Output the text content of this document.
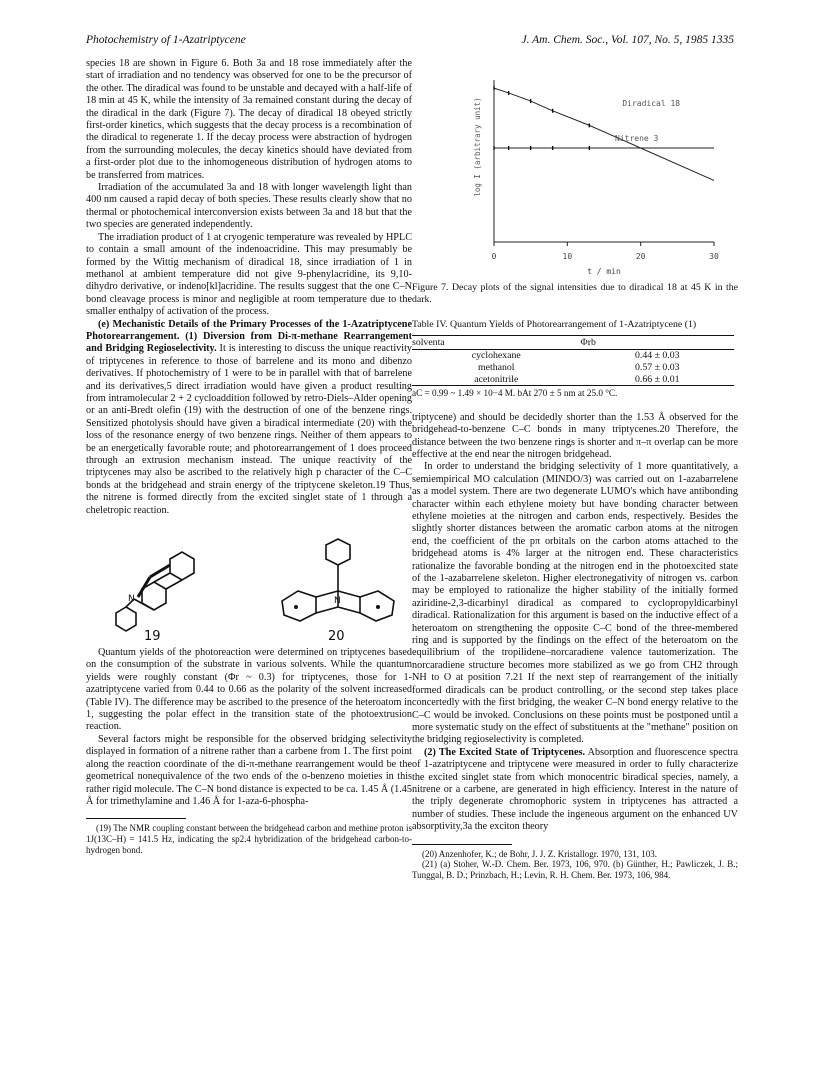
Photochemistry of 1-Azatriptycene	J. Am. Chem. Soc., Vol. 107, No. 5, 1985 1335

species 18 are shown in Figure 6. Both 3a and 18 rose immediately after the start of irradiation and no tendency was observed for one to be the precursor of the other. The diradical was found to be unstable and decayed with a half-life of 18 min at 45 K, while the intensity of 3a remained constant during the decay of the diradical in the dark (Figure 7). The decay of diradical 18 obeyed strictly first-order kinetics, which suggests that the decay process is a recombination of the diradical to regenerate 1. If the decay process were abstraction of hydrogen from the surrounding molecules, the decay kinetics should have deviated from a first-order plot due to the inhomogeneous distribution of hydrogen atoms to be transferred from matrices.

Irradiation of the accumulated 3a and 18 with longer wavelength light than 400 nm caused a rapid decay of both species. These results clearly show that no thermal or photochemical interconversion exists between 3a and 18 but that the two species are generated independently.

The irradiation product of 1 at cryogenic temperature was revealed by HPLC to contain a small amount of the indenoacridine. This may presumably be formed by the Wittig mechanism of diradical 18, since irradiation of 1 in methanol at ambient temperature did not give 9-phenylacridine, its 9,10-dihydro derivative, or indeno[kl]acridine. The results suggest that the one C–N bond cleavage process is minor and negligible at room temperature due to the smaller enthalpy of activation of the process.

(e) Mechanistic Details of the Primary Processes of the 1-Azatriptycene Photorearrangement. (1) Diversion from Di-π-methane Rearrangement and Bridging Regioselectivity. It is interesting to discuss the unique reactivity of triptycenes in reference to those of barrelene and its mono and dibenzo derivatives. If photochemistry of 1 were to be in parallel with that of barrelene and its derivatives,5 direct irradiation would have given a product resulting from intramolecular 2 + 2 cycloaddition followed by retro-Diels–Alder opening or an anti-Bredt olefin (19) with the destruction of one of the benzene rings. Sensitized photolysis should have given a biradical intermediate (20) with the loss of the resonance energy of two benzene rings. Neither of them appears to be an energetically favorable route; and photorearrangement of 1 does proceed through an extrusion mechanism instead. The unique reactivity of the triptycenes may also be ascribed to the relatively high p character of the C–C bonds at the bridgehead and strain energy of the triptycene skeleton.19 Thus, the nitrene is formed directly from the excited singlet state of 1 through a cheletropic reaction.

N	N
19	20

Quantum yields of the photoreaction were determined on triptycenes based on the consumption of the substrate in various solvents. While the quantum yields were roughly constant (Φr ~ 0.3) for triptycenes, those for 1-azatriptycene varied from 0.44 to 0.66 as the polarity of the solvent increased (Table IV). The difference may be ascribed to the presence of the heteroatom in 1, suggesting the polar effect in the transition state of the photoextrusion reaction.

Several factors might be responsible for the observed bridging selectivity displayed in formation of a nitrene rather than a carbene from 1. The first point along the reaction coordinate of the di-π-methane rearrangement would be the geometrical nonequivalence of the two ends of the o-benzeno moieties in this rather rigid molecule. The C–N bond distance is expected to be ca. 1.45 Å (1.45 Å for trimethylamine and 1.46 Å for 1-aza-6-phospha-

(19) The NMR coupling constant between the bridgehead carbon and methine proton is 1J(13C–H) = 141.5 Hz, indicating the sp2.4 hybridization of the bridgehead carbon-to-hydrogen bond.
0	10	20	30
t / min
log I (arbitrary unit)	Diradical 18
Nitrene 3
Figure 7. Decay plots of the signal intensities due to diradical 18 at 45 K in the dark.
Table IV. Quantum Yields of Photorearrangement of 1-Azatriptycene (1)
solventa	Φrb
cyclohexane	0.44 ± 0.03
methanol	0.57 ± 0.03
acetonitrile	0.66 ± 0.01
aC = 0.99 ~ 1.49 × 10−4 M. bAt 270 ± 5 nm at 25.0 °C.

triptycene) and should be decidedly shorter than the 1.53 Å observed for the bridgehead-to-benzene C–C bonds in many triptycenes.20 Therefore, the distance between the two benzene rings is shorter and π–π overlap can be more effective at the end near the nitrogen bridgehead.

In order to understand the bridging selectivity of 1 more quantitatively, a semiempirical MO calculation (MINDO/3) was carried out on 1-azabarrelene as a model system. There are two degenerate LUMO's which have antibonding character within each ethylene moiety but have bonding character between ethylene moieties at the nitrogen and carbon ends, respectively. Besides the slightly shorter distances between the aromatic carbon atoms at the nitrogen end, the coefficient of the pπ orbitals on the carbon atoms attached to the bridgehead atoms is 4% larger at the nitrogen end. These characteristics rationalize the favorable bonding at the nitrogen end in the photoexcited state of the 1-azabarrelene skeleton. Higher electronegativity of nitrogen vs. carbon may be employed to rationalize the higher stability of the initially formed aziridine-2,3-dicarbinyl diradical as compared to cyclopropyldicarbinyl diradical. Rationalization for this argument is based on the inductive effect of a heteroatom on strengthening the opposite C–C bond of the three-membered ring and is supported by the findings on the effect of the heteroatom on the equilibrium of the tropilidene–norcaradiene valence tautomerization. The norcaradiene structure becomes more stabilized as we go from CH2 through NH to O at position 7.21 If the next step of rearrangement of the initially formed diradicals can be product controlling, or the second step takes place concertedly with the first bridging, the weaker C–N bond energy relative to the C–C would be invoked. Conclusions on these points must be postponed until a more systematic study on the effect of substituents at the "methane" position on the bridging regioselectivity is completed.

(2) The Excited State of Triptycenes. Absorption and fluorescence spectra of 1-azatriptycene and triptycene were measured in order to fully characterize the excited singlet state from which monocentric biradical species, namely, a nitrene or a carbene, are generated in high efficiency. Interest in the nature of the triply degenerate chromophoric system in triptycenes has attracted a number of studies. These include the ingeneous argument on the enhanced UV absorptivity,3a the exciton theory

(20) Anzenhofer, K.; de Bohr, J. J. Z. Kristallogr. 1970, 131, 103.
(21) (a) Stoher, W.-D. Chem. Ber. 1973, 106, 970. (b) Günther, H.; Pawliczek, J. B.; Tunggal, B. D.; Prinzbach, H.; Levin, R. H. Chem. Ber. 1973, 106, 984.
